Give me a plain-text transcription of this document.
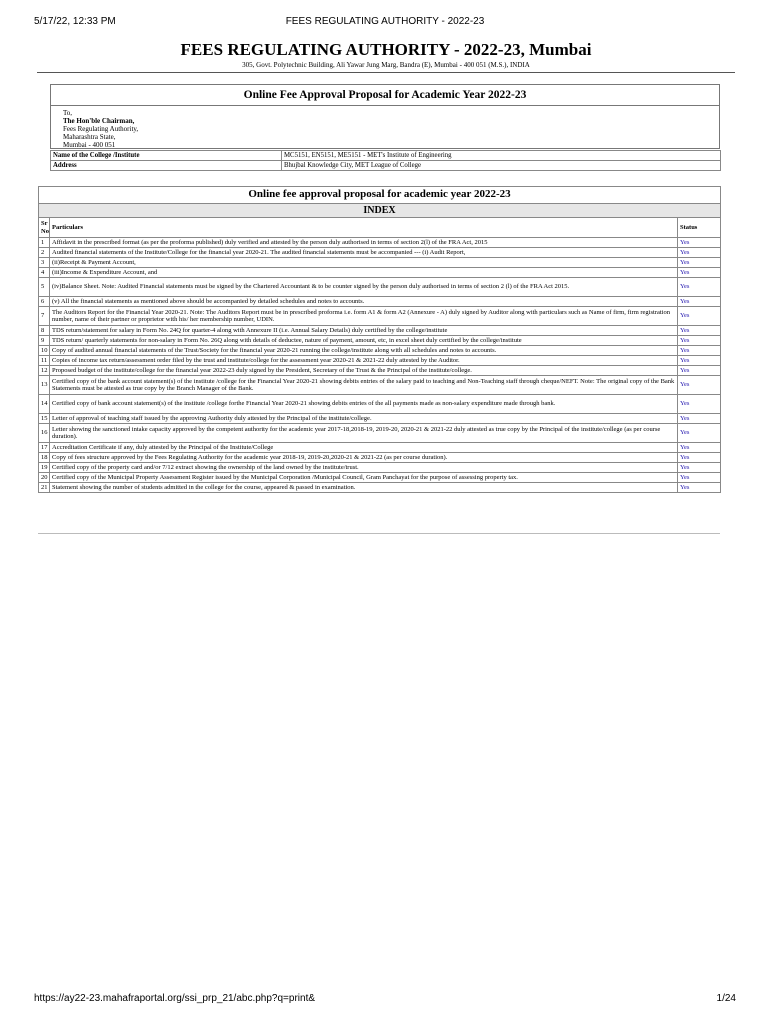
5/17/22, 12:33 PM	FEES REGULATING AUTHORITY - 2022-23
FEES REGULATING AUTHORITY - 2022-23, Mumbai
305, Govt. Polytechnic Building, Ali Yawar Jung Marg, Bandra (E), Mumbai - 400 051 (M.S.), INDIA
Online Fee Approval Proposal for Academic Year 2022-23
To,
The Hon'ble Chairman,
Fees Regulating Authority,
Maharashtra State,
Mumbai - 400 051
Name of the College /Institute	MC5151, EN5151, ME5151 - MET's Institute of Engineering
Address	Bhujbal Knowledge City, MET League of College
Online fee approval proposal for academic year 2022-23		
INDEX		
Sr No	Particulars	Status
1	Affidavit in the prescribed format (as per the proforma published) duly verified and attested by the person duly authorised in terms of section 2(l) of the FRA Act, 2015	Yes
2	Audited financial statements of the Institute/College for the financial year 2020-21. The audited financial statements must be accompanied --- (i) Audit Report,	Yes
3	(ii)Receipt & Payment Account,	Yes
4	(iii)Income & Expenditure Account, and	Yes
5	(iv)Balance Sheet. Note: Audited Financial statements must be signed by the Chartered Accountant & to be counter signed by the person duly authorised in terms of section 2 (l) of the FRA Act 2015.	Yes
6	(v) All the financial statements as mentioned above should be accompanied by detailed schedules and notes to accounts.	Yes
7	The Auditors Report for the Financial Year 2020-21. Note: The Auditors Report must be in prescribed proforma i.e. form A1 & form A2 (Annexure - A) duly signed by Auditor along with particulars such as Name of firm, firm registration number, name of their partner or proprietor with his/ her membership number, UDIN.	Yes
8	TDS return/statement for salary in Form No. 24Q for quarter-4 along with Annexure II (i.e. Annual Salary Details) duly certified by the college/institute	Yes
9	TDS return/ quarterly statements for non-salary in Form No. 26Q along with details of deductee, nature of payment, amount, etc, in excel sheet duly certified by the college/institute	Yes
10	Copy of audited annual financial statements of the Trust/Society for the financial year 2020-21 running the college/institute along with all schedules and notes to accounts.	Yes
11	Copies of income tax return/assessment order filed by the trust and institute/college for the assessment year 2020-21 & 2021-22 duly attested by the Auditor.	Yes
12	Proposed budget of the institute/college for the financial year 2022-23 duly signed by the President, Secretary of the Trust & the Principal of the institute/college.	Yes
13	Certified copy of the bank account statement(s) of the institute /college for the Financial Year 2020-21 showing debits entries of the salary paid to teaching and Non-Teaching staff through cheque/NEFT. Note: The original copy of the Bank Statements must be attested as true copy by the Branch Manager of the Bank.	Yes
14	Certified copy of bank account statement(s) of the institute /college forthe Financial Year 2020-21 showing debits entries of the all payments made as non-salary expenditure made through bank.	Yes
15	Letter of approval of teaching staff issued by the approving Authority duly attested by the Principal of the institute/college.	Yes
16	Letter showing the sanctioned intake capacity approved by the competent authority for the academic year 2017-18,2018-19, 2019-20, 2020-21 & 2021-22 duly attested as true copy by the Principal of the institute/college (as per course duration).	Yes
17	Accreditation Certificate if any, duly attested by the Principal of the Institute/College	Yes
18	Copy of fees structure approved by the Fees Regulating Authority for the academic year 2018-19, 2019-20,2020-21 & 2021-22 (as per course duration).	Yes
19	Certified copy of the property card and/or 7/12 extract showing the ownership of the land owned by the institute/trust.	Yes
20	Certified copy of the Municipal Property Assessment Register issued by the Municipal Corporation /Municipal Council, Gram Panchayat for the purpose of assessing property tax.	Yes
21	Statement showing the number of students admitted in the college for the course, appeared & passed in examination.	Yes
https://ay22-23.mahafraportal.org/ssi_prp_21/abc.php?q=print&	1/24
